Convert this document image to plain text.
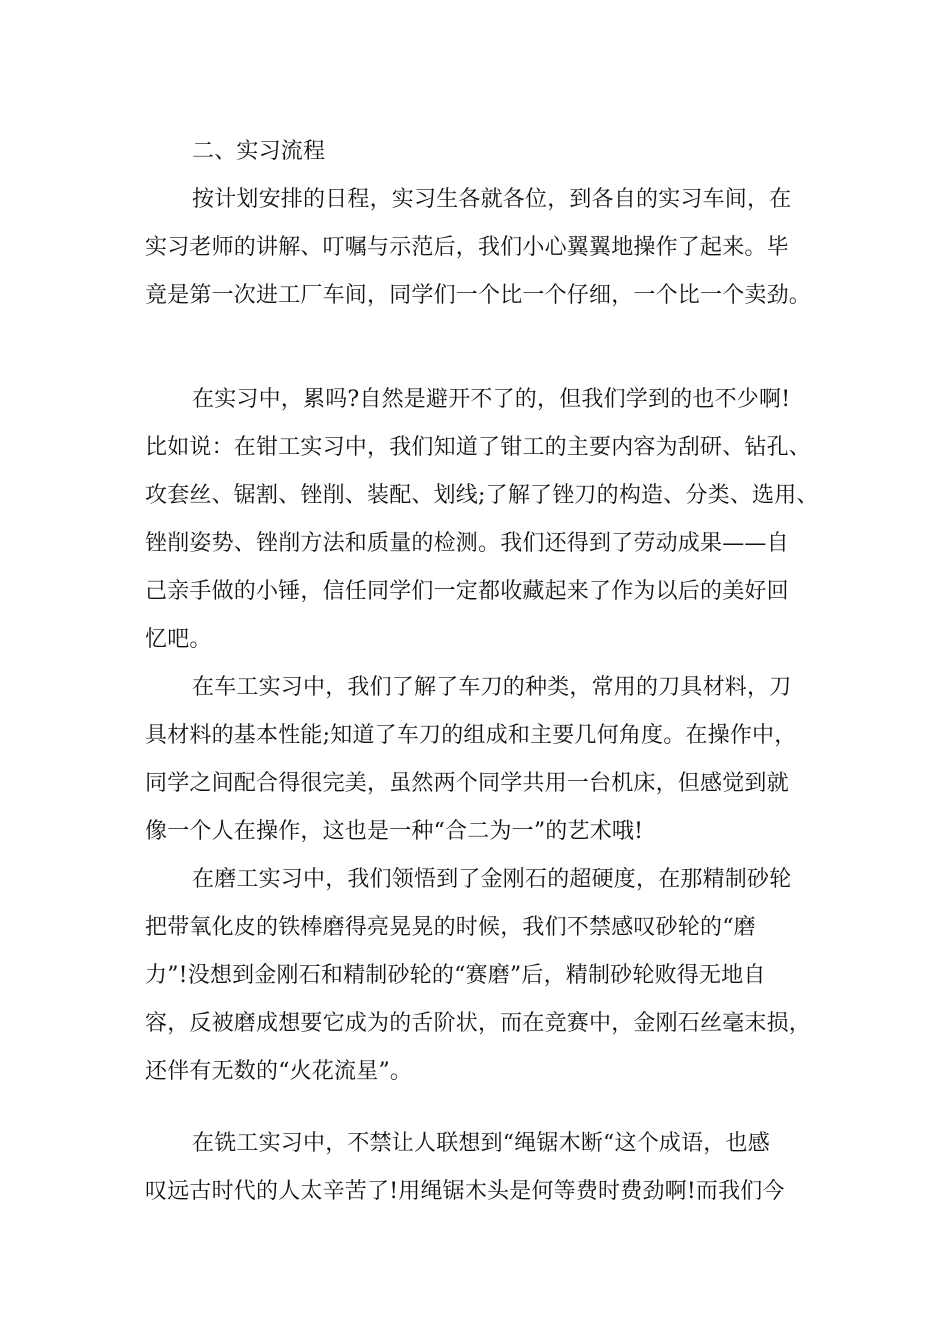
二、实习流程
按计划安排的日程，实习生各就各位，到各自的实习车间，在
实习老师的讲解、叮嘱与示范后，我们小心翼翼地操作了起来。毕
竟是第一次进工厂车间，同学们一个比一个仔细，一个比一个卖劲。
在实习中，累吗?自然是避开不了的，但我们学到的也不少啊!
比如说：在钳工实习中，我们知道了钳工的主要内容为刮研、钻孔、
攻套丝、锯割、锉削、装配、划线;了解了锉刀的构造、分类、选用、
锉削姿势、锉削方法和质量的检测。我们还得到了劳动成果——自
己亲手做的小锤，信任同学们一定都收藏起来了作为以后的美好回
忆吧。
在车工实习中，我们了解了车刀的种类，常用的刀具材料，刀
具材料的基本性能;知道了车刀的组成和主要几何角度。在操作中，
同学之间配合得很完美，虽然两个同学共用一台机床，但感觉到就
像一个人在操作，这也是一种“合二为一”的艺术哦!
在磨工实习中，我们领悟到了金刚石的超硬度，在那精制砂轮
把带氧化皮的铁棒磨得亮晃晃的时候，我们不禁感叹砂轮的“磨
力”!没想到金刚石和精制砂轮的“赛磨”后，精制砂轮败得无地自
容，反被磨成想要它成为的舌阶状，而在竞赛中，金刚石丝毫末损，
还伴有无数的“火花流星”。
在铣工实习中，不禁让人联想到“绳锯木断“这个成语，也感
叹远古时代的人太辛苦了!用绳锯木头是何等费时费劲啊!而我们今
